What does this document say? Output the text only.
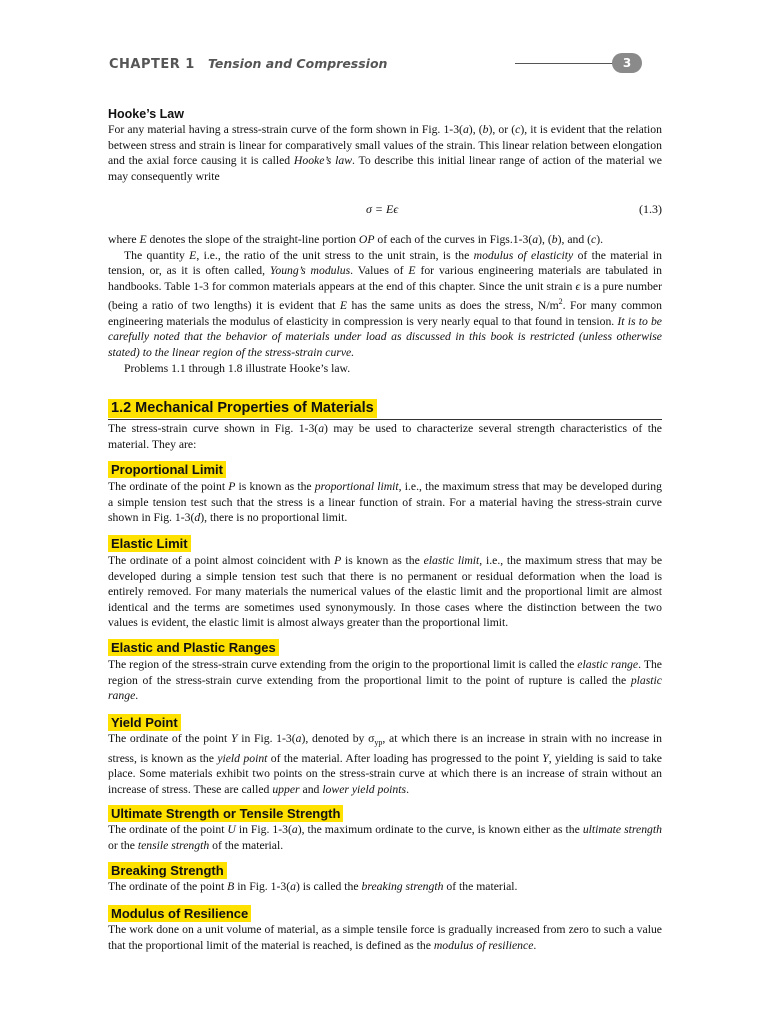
CHAPTER 1 Tension and Compression	3
Hooke’s Law

For any material having a stress-strain curve of the form shown in Fig. 1-3(a), (b), or (c), it is evident that the relation between stress and strain is linear for comparatively small values of the strain. This linear relation between elongation and the axial force causing it is called Hooke’s law. To describe this initial linear range of action of the material we may consequently write

σ = Eϵ	(1.3)

where E denotes the slope of the straight-line portion OP of each of the curves in Figs.1-3(a), (b), and (c).

The quantity E, i.e., the ratio of the unit stress to the unit strain, is the modulus of elasticity of the material in tension, or, as it is often called, Young’s modulus. Values of E for various engineering materials are tabulated in handbooks. Table 1-3 for common materials appears at the end of this chapter. Since the unit strain ϵ is a pure number (being a ratio of two lengths) it is evident that E has the same units as does the stress, $N/m^2$. For many common engineering materials the modulus of elasticity in compression is very nearly equal to that found in tension. It is to be carefully noted that the behavior of materials under load as discussed in this book is restricted (unless otherwise stated) to the linear region of the stress-strain curve.

Problems 1.1 through 1.8 illustrate Hooke’s law.

1.2 Mechanical Properties of Materials

The stress-strain curve shown in Fig. 1-3(a) may be used to characterize several strength characteristics of the material. They are:

Proportional Limit

The ordinate of the point P is known as the proportional limit, i.e., the maximum stress that may be developed during a simple tension test such that the stress is a linear function of strain. For a material having the stress-strain curve shown in Fig. 1-3(d), there is no proportional limit.

Elastic Limit

The ordinate of a point almost coincident with P is known as the elastic limit, i.e., the maximum stress that may be developed during a simple tension test such that there is no permanent or residual deformation when the load is entirely removed. For many materials the numerical values of the elastic limit and the proportional limit are almost identical and the terms are sometimes used synonymously. In those cases where the distinction between the two values is evident, the elastic limit is almost always greater than the proportional limit.

Elastic and Plastic Ranges

The region of the stress-strain curve extending from the origin to the proportional limit is called the elastic range. The region of the stress-strain curve extending from the proportional limit to the point of rupture is called the plastic range.

Yield Point

The ordinate of the point Y in Fig. 1-3(a), denoted by $\sigma_{yp}$, at which there is an increase in strain with no increase in stress, is known as the yield point of the material. After loading has progressed to the point Y, yielding is said to take place. Some materials exhibit two points on the stress-strain curve at which there is an increase of strain without an increase of stress. These are called upper and lower yield points.

Ultimate Strength or Tensile Strength

The ordinate of the point U in Fig. 1-3(a), the maximum ordinate to the curve, is known either as the ultimate strength or the tensile strength of the material.

Breaking Strength

The ordinate of the point B in Fig. 1-3(a) is called the breaking strength of the material.

Modulus of Resilience

The work done on a unit volume of material, as a simple tensile force is gradually increased from zero to such a value that the proportional limit of the material is reached, is defined as the modulus of resilience.
